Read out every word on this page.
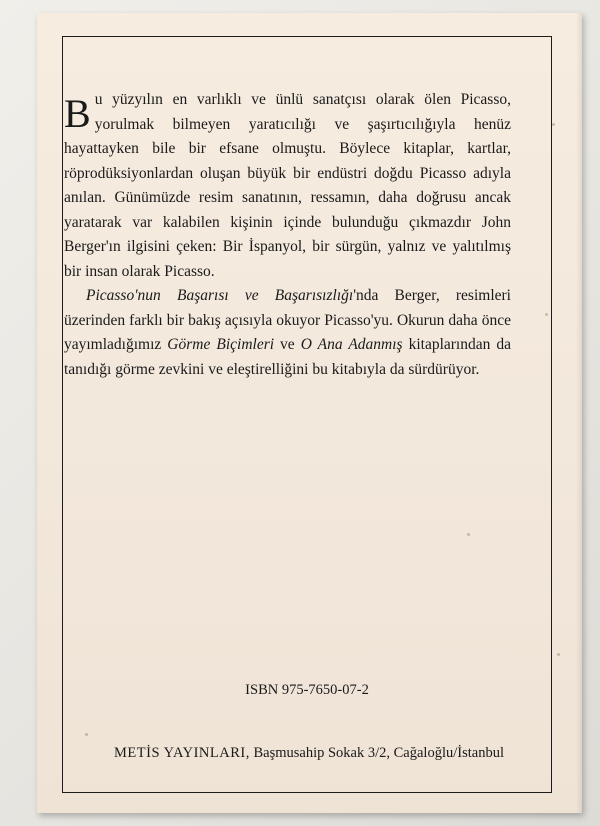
Bu yüzyılın en varlıklı ve ünlü sanatçısı olarak ölen Picasso, yorulmak bilmeyen yaratıcılığı ve şaşırtıcılığıyla henüz hayattayken bile bir efsane olmuştu. Böylece kitaplar, kartlar, röprodüksiyonlardan oluşan büyük bir endüstri doğdu Picasso adıyla anılan. Günümüzde resim sanatının, ressamın, daha doğrusu ancak yaratarak var kalabilen kişinin içinde bulunduğu çıkmazdır John Berger'ın ilgisini çeken: Bir İspanyol, bir sürgün, yalnız ve yalıtılmış bir insan olarak Picasso.

Picasso'nun Başarısı ve Başarısızlığı'nda Berger, resimleri üzerinden farklı bir bakış açısıyla okuyor Picasso'yu. Okurun daha önce yayımladığımız Görme Biçimleri ve O Ana Adanmış kitaplarından da tanıdığı görme zevkini ve eleştirelliğini bu kitabıyla da sürdürüyor.

ISBN 975-7650-07-2
METİS YAYINLARI, Başmusahip Sokak 3/2, Cağaloğlu/İstanbul
